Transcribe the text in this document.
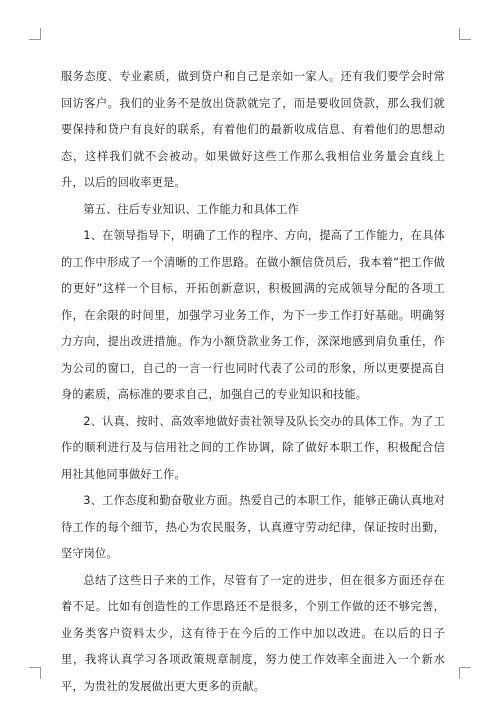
服务态度、专业素质，做到贷户和自己是亲如一家人。还有我们要学会时常回访客户。我们的业务不是放出贷款就完了，而是要收回贷款，那么我们就要保持和贷户有良好的联系，有着他们的最新收成信息、有着他们的思想动态，这样我们就不会被动。如果做好这些工作那么我相信业务量会直线上升，以后的回收率更是。

第五、往后专业知识、工作能力和具体工作

1、在领导指导下，明确了工作的程序、方向，提高了工作能力，在具体的工作中形成了一个清晰的工作思路。在做小额信贷员后，我本着“把工作做的更好”这样一个目标，开拓创新意识，积极圆满的完成领导分配的各项工作，在余限的时间里，加强学习业务工作，为下一步工作打好基础。明确努力方向，提出改进措施。作为小额贷款业务工作，深深地感到肩负重任，作为公司的窗口，自己的一言一行也同时代表了公司的形象，所以更要提高自身的素质，高标准的要求自己，加强自己的专业知识和技能。

2、认真、按时、高效率地做好责社领导及队长交办的具体工作。为了工作的顺利进行及与信用社之间的工作协调，除了做好本职工作，积极配合信用社其他同事做好工作。

3、工作态度和勤奋敬业方面。热爱自己的本职工作，能够正确认真地对待工作的每个细节，热心为农民服务，认真遵守劳动纪律，保证按时出勤，坚守岗位。

总结了这些日子来的工作，尽管有了一定的进步，但在很多方面还存在着不足。比如有创造性的工作思路还不是很多，个别工作做的还不够完善，业务类客户资料太少，这有待于在今后的工作中加以改进。在以后的日子里，我将认真学习各项政策规章制度，努力使工作效率全面进入一个新水平，为贵社的发展做出更大更多的贡献。
